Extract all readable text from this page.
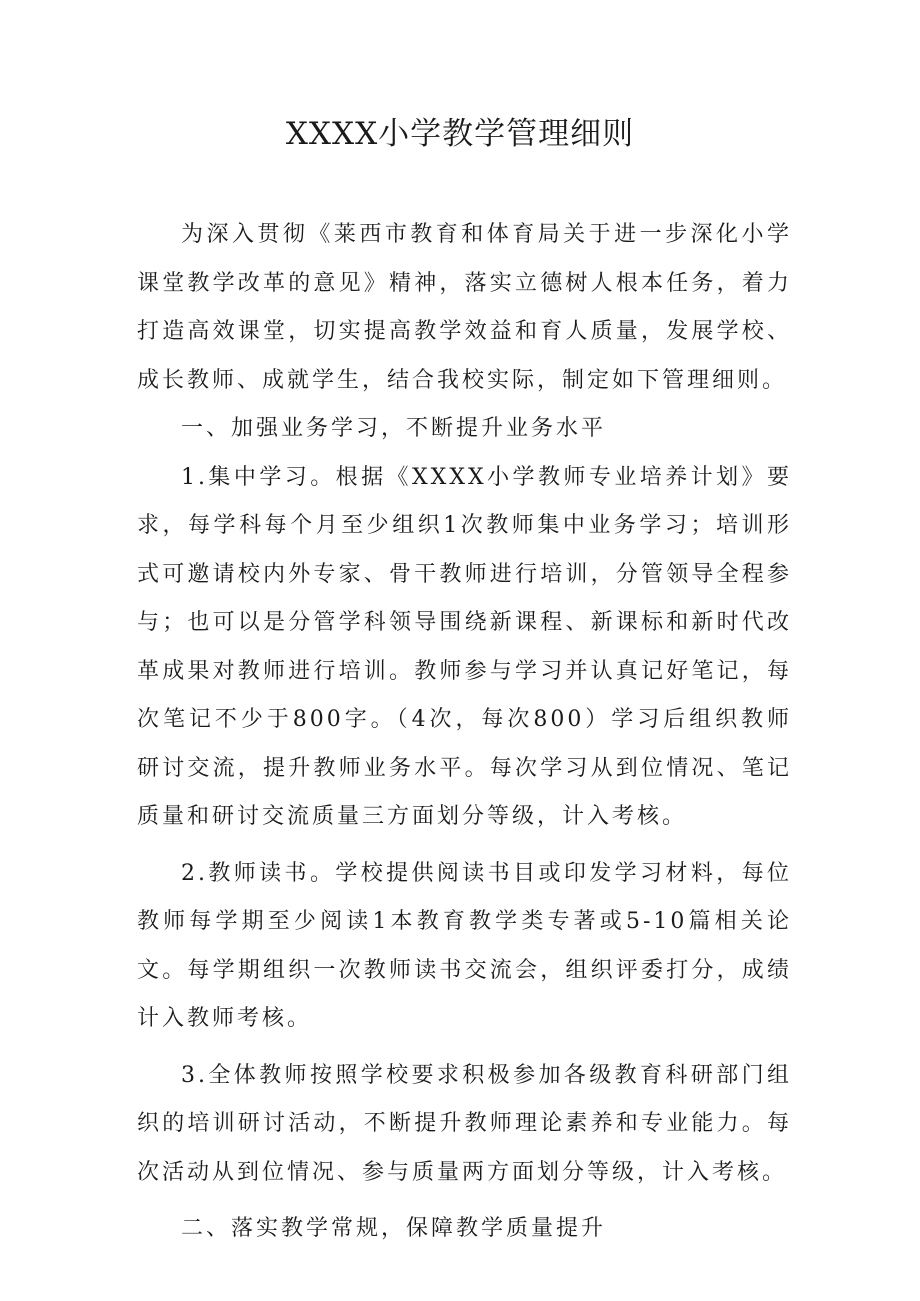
XXXX小学教学管理细则

为深入贯彻《莱西市教育和体育局关于进一步深化小学课堂教学改革的意见》精神，落实立德树人根本任务，着力打造高效课堂，切实提高教学效益和育人质量，发展学校、成长教师、成就学生，结合我校实际，制定如下管理细则。

一、加强业务学习，不断提升业务水平

1.集中学习。根据《XXXX小学教师专业培养计划》要求，每学科每个月至少组织1次教师集中业务学习；培训形式可邀请校内外专家、骨干教师进行培训，分管领导全程参与；也可以是分管学科领导围绕新课程、新课标和新时代改革成果对教师进行培训。教师参与学习并认真记好笔记，每次笔记不少于800字。（4次，每次800）学习后组织教师研讨交流，提升教师业务水平。每次学习从到位情况、笔记质量和研讨交流质量三方面划分等级，计入考核。

2.教师读书。学校提供阅读书目或印发学习材料，每位教师每学期至少阅读1本教育教学类专著或5-10篇相关论文。每学期组织一次教师读书交流会，组织评委打分，成绩计入教师考核。

3.全体教师按照学校要求积极参加各级教育科研部门组织的培训研讨活动，不断提升教师理论素养和专业能力。每次活动从到位情况、参与质量两方面划分等级，计入考核。

二、落实教学常规，保障教学质量提升
